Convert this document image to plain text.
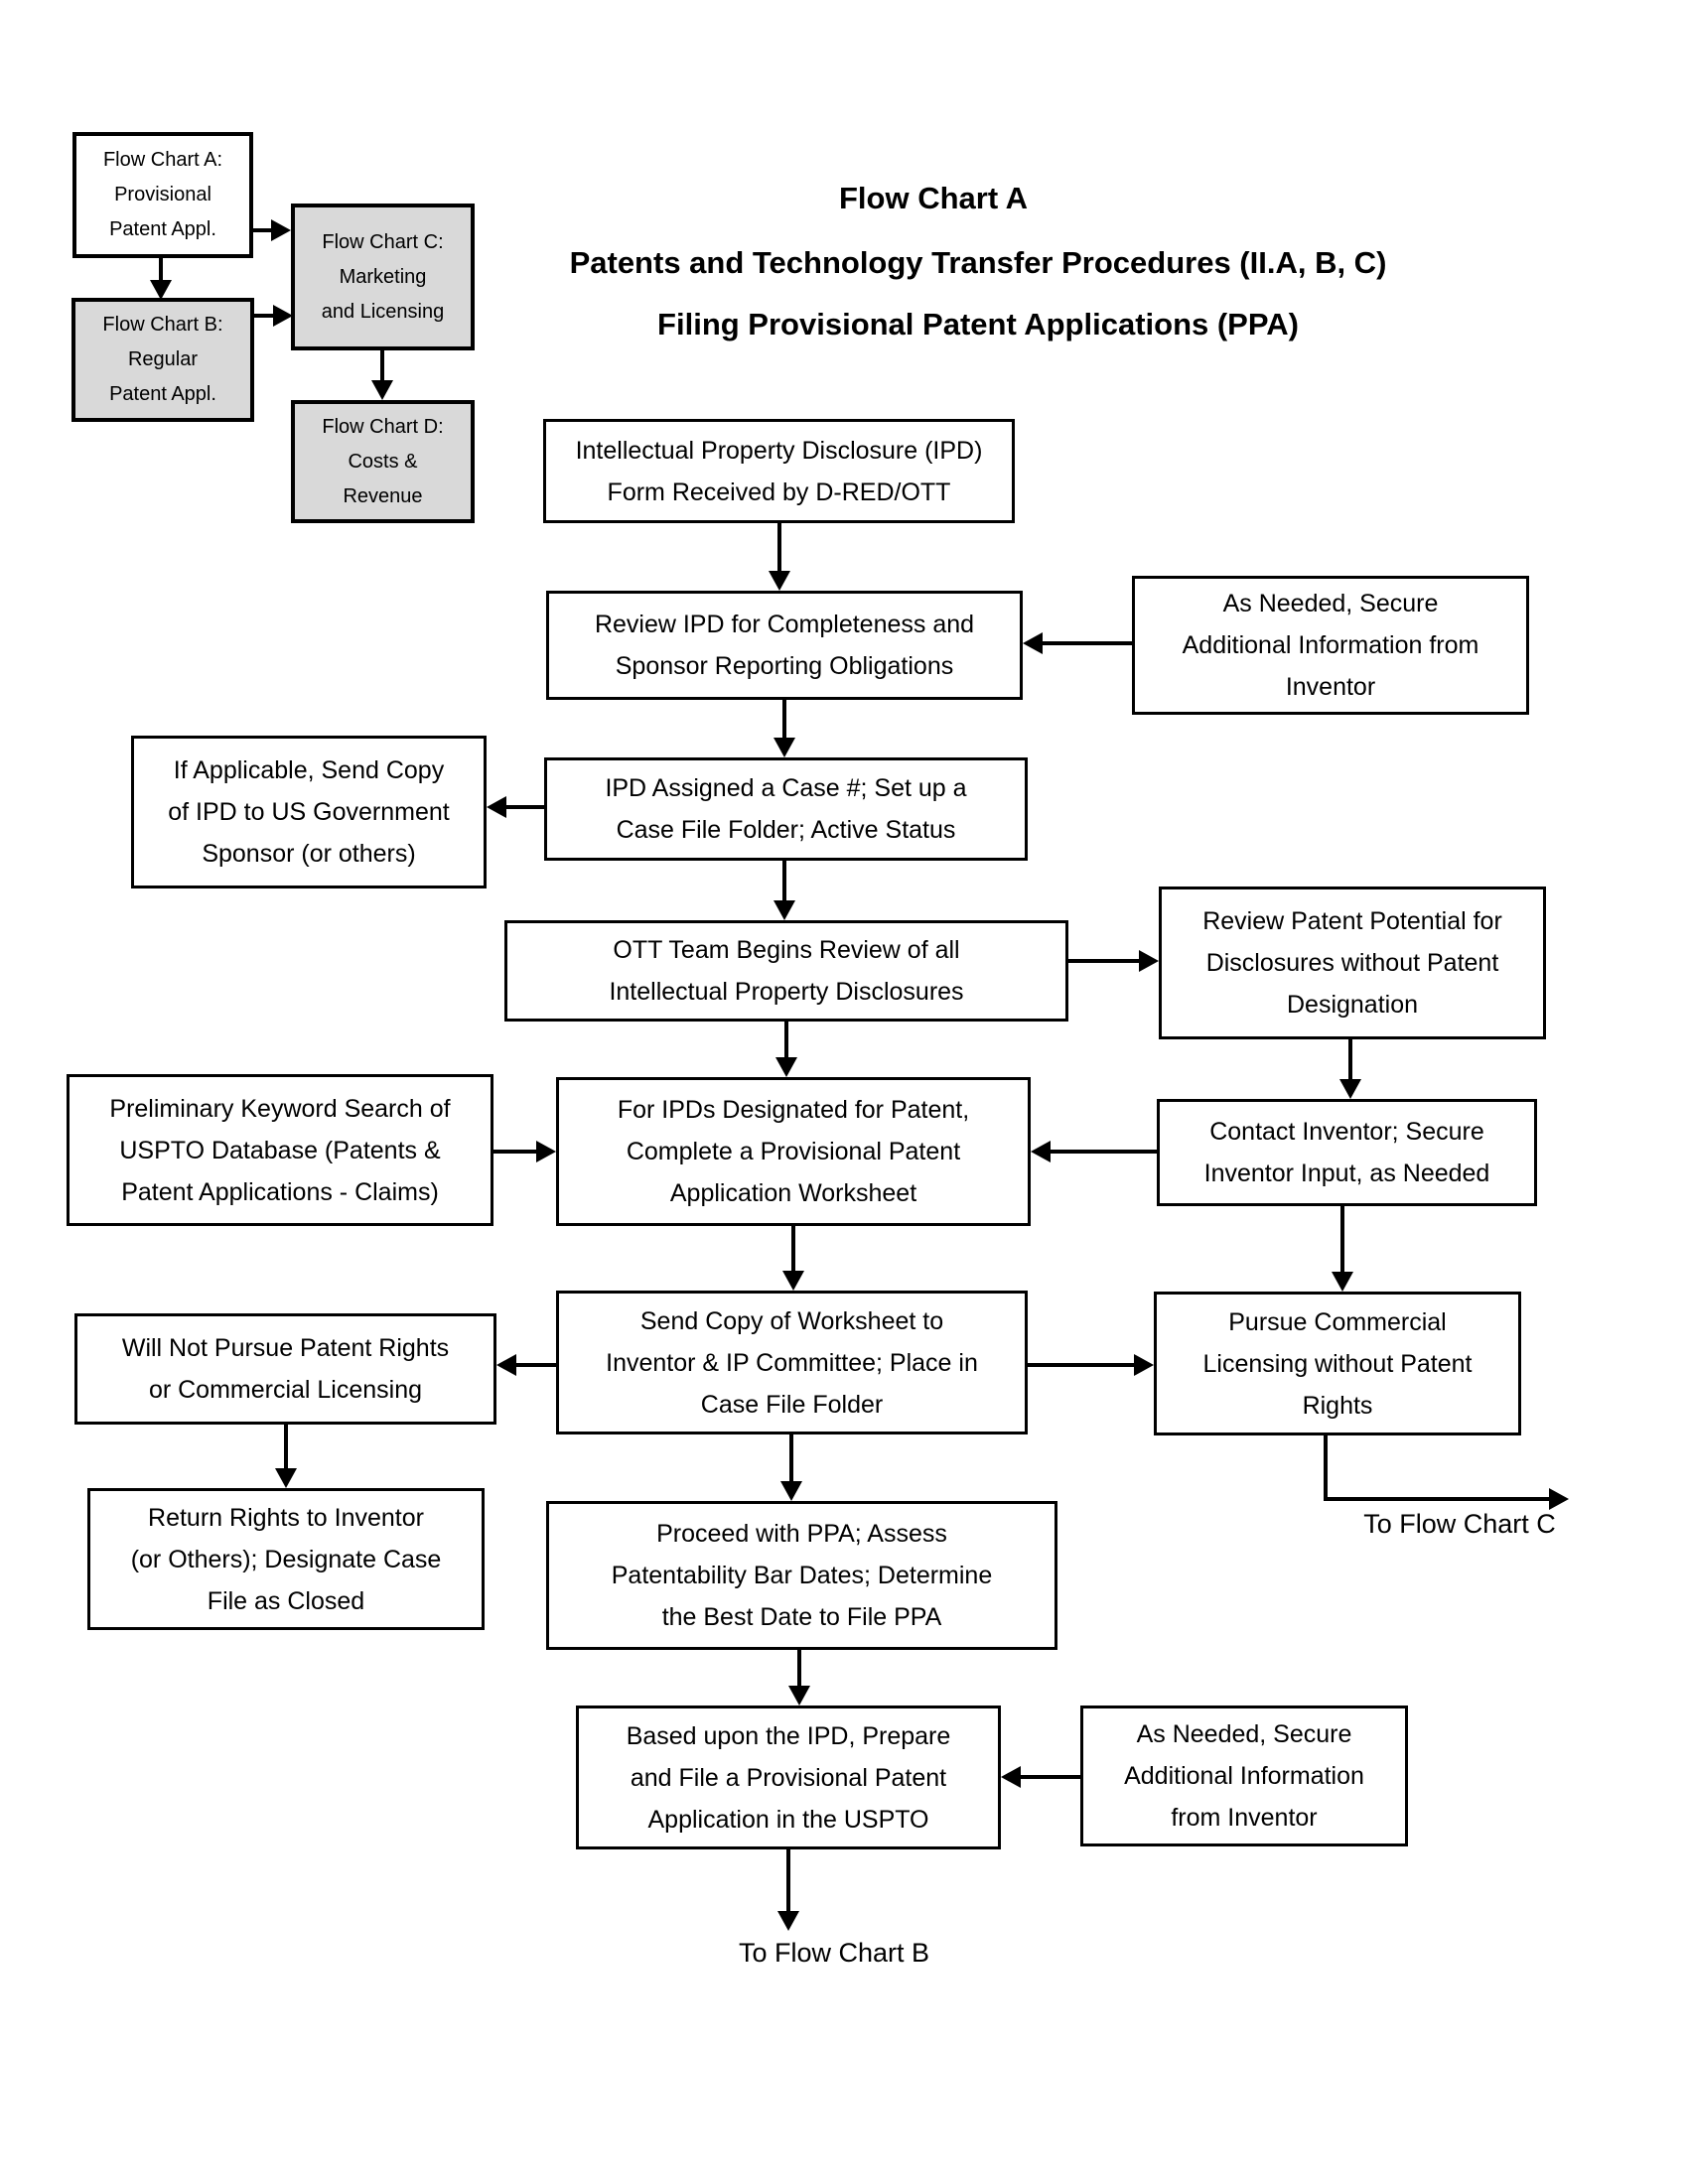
Flow Chart A
Patents and Technology Transfer Procedures (II.A, B, C)
Filing Provisional Patent Applications (PPA)
Flow Chart A:
Provisional
Patent Appl.
Flow Chart B:
Regular
Patent Appl.
Flow Chart C:
Marketing
and Licensing
Flow Chart D:
Costs &
Revenue
Intellectual Property Disclosure (IPD)
Form Received by D-RED/OTT
Review IPD for Completeness and
Sponsor Reporting Obligations
As Needed, Secure
Additional Information from
Inventor
If Applicable, Send Copy
of IPD to US Government
Sponsor (or others)
IPD Assigned a Case #; Set up a
Case File Folder; Active Status
OTT Team Begins Review of all
Intellectual Property Disclosures
Review Patent Potential for
Disclosures without Patent
Designation
Preliminary Keyword Search of
USPTO Database (Patents &
Patent Applications - Claims)
For IPDs Designated for Patent,
Complete a Provisional Patent
Application Worksheet
Contact Inventor; Secure
Inventor Input, as Needed
Will Not Pursue Patent Rights
or Commercial Licensing
Send Copy of Worksheet to
Inventor & IP Committee; Place in
Case File Folder
Pursue Commercial
Licensing without Patent
Rights
Return Rights to Inventor
(or Others); Designate Case
File as Closed
Proceed with PPA; Assess
Patentability Bar Dates; Determine
the Best Date to File PPA
Based upon the IPD, Prepare
and File a Provisional Patent
Application in the USPTO
As Needed, Secure
Additional Information
from Inventor
To Flow Chart C
To Flow Chart B
